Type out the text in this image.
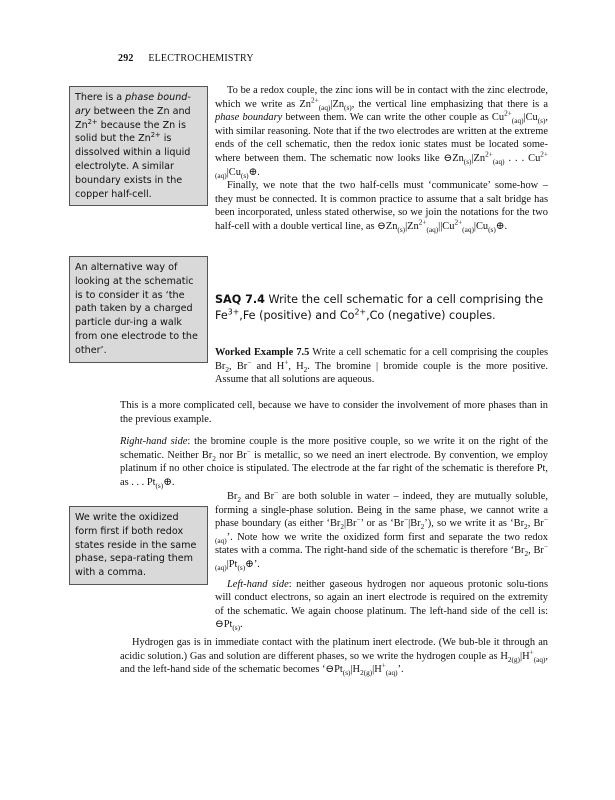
292 ELECTROCHEMISTRY
There is a phase bound-ary between the Zn and $Zn^{2+}$ because the Zn is solid but the $Zn^{2+}$ is dissolved within a liquid electrolyte. A similar boundary exists in the copper half-cell.
An alternative way of looking at the schematic is to consider it as ‘the path taken by a charged particle dur-ing a walk from one electrode to the other’.
We write the oxidized form first if both redox states reside in the same phase, sepa-rating them with a comma.

To be a redox couple, the zinc ions will be in contact with the zinc electrode, which we write as $Zn^{2+}_{(aq)}|Zn_{(s)}$, the vertical line emphasizing that there is a phase boundary between them. We can write the other couple as $Cu^{2+}_{(aq)}|Cu_{(s)}$, with similar reasoning. Note that if the two electrodes are written at the extreme ends of the cell schematic, then the redox ionic states must be located some-where between them. The schematic now looks like $⊖Zn_{(s)}|Zn^{2+}_{(aq)}$ . . . $Cu^{2+}_{(aq)}|Cu_{(s)}\oplus$.

Finally, we note that the two half-cells must ‘communicate’ some-how – they must be connected. It is common practice to assume that a salt bridge has been incorporated, unless stated otherwise, so we join the notations for the two half-cell with a double vertical line, as $⊖Zn_{(s)}|Zn^{2+}_{(aq)}||Cu^{2+}_{(aq)}|Cu_{(s)}\oplus$.

SAQ 7.4 Write the cell schematic for a cell comprising the $Fe^{3+},Fe$ (positive) and $Co^{2+},Co$ (negative) couples.

Worked Example 7.5 Write a cell schematic for a cell comprising the couples $Br_2$, Br− and H+, $H_2$. The bromine | bromide couple is the more positive. Assume that all solutions are aqueous.

This is a more complicated cell, because we have to consider the involvement of more phases than in the previous example.

Right-hand side: the bromine couple is the more positive couple, so we write it on the right of the schematic. Neither $Br_2$ nor Br− is metallic, so we need an inert electrode. By convention, we employ platinum if no other choice is stipulated. The electrode at the far right of the schematic is therefore Pt, as . . . $Pt_{(s)}\oplus$.

$Br_2$ and Br− are both soluble in water – indeed, they are mutually soluble, forming a single-phase solution. Being in the same phase, we cannot write a phase boundary (as either ‘$Br_2|Br^-$’ or as ‘$Br^-|Br_2$’), so we write it as ‘$Br_2$, $Br^-_{(aq)}$’. Note how we write the oxidized form first and separate the two redox states with a comma. The right-hand side of the schematic is therefore ‘$Br_2$, $Br^-_{(aq)}|Pt_{(s)}\oplus$’.

Left-hand side: neither gaseous hydrogen nor aqueous protonic solu-tions will conduct electrons, so again an inert electrode is required on the extremity of the schematic. We again choose platinum. The left-hand side of the cell is: $⊖Pt_{(s)}$.

Hydrogen gas is in immediate contact with the platinum inert electrode. (We bub-ble it through an acidic solution.) Gas and solution are different phases, so we write the hydrogen couple as $H_{2(g)}|H^+_{(aq)}$, and the left-hand side of the schematic becomes ‘$⊖Pt_{(s)}|H_{2(g)}|H^+_{(aq)}$’.
